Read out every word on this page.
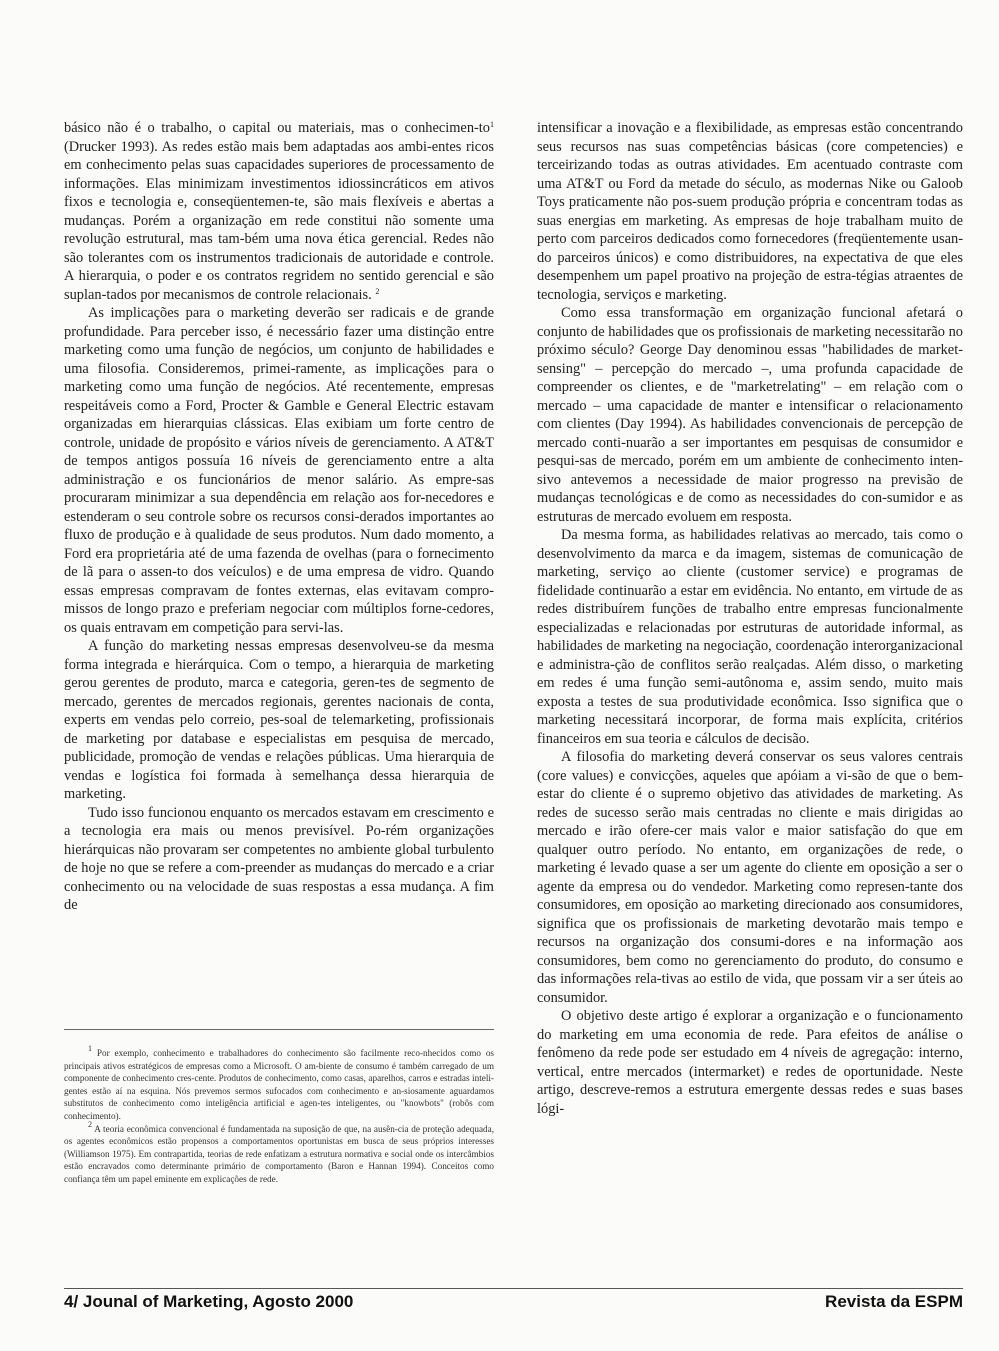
básico não é o trabalho, o capital ou materiais, mas o conhecimen-$to^1$ (Drucker 1993). As redes estão mais bem adaptadas aos ambi-entes ricos em conhecimento pelas suas capacidades superiores de processamento de informações. Elas minimizam investimentos idiossincráticos em ativos fixos e tecnologia e, conseqüentemen-te, são mais flexíveis e abertas a mudanças. Porém a organização em rede constitui não somente uma revolução estrutural, mas tam-bém uma nova ética gerencial. Redes não são tolerantes com os instrumentos tradicionais de autoridade e controle. A hierarquia, o poder e os contratos regridem no sentido gerencial e são suplan-tados por mecanismos de controle relacionais. $^2$

As implicações para o marketing deverão ser radicais e de grande profundidade. Para perceber isso, é necessário fazer uma distinção entre marketing como uma função de negócios, um conjunto de habilidades e uma filosofia. Consideremos, primei-ramente, as implicações para o marketing como uma função de negócios. Até recentemente, empresas respeitáveis como a Ford, Procter & Gamble e General Electric estavam organizadas em hierarquias clássicas. Elas exibiam um forte centro de controle, unidade de propósito e vários níveis de gerenciamento. A AT&T de tempos antigos possuía 16 níveis de gerenciamento entre a alta administração e os funcionários de menor salário. As empre-sas procuraram minimizar a sua dependência em relação aos for-necedores e estenderam o seu controle sobre os recursos consi-derados importantes ao fluxo de produção e à qualidade de seus produtos. Num dado momento, a Ford era proprietária até de uma fazenda de ovelhas (para o fornecimento de lã para o assen-to dos veículos) e de uma empresa de vidro. Quando essas empresas compravam de fontes externas, elas evitavam compro-missos de longo prazo e preferiam negociar com múltiplos forne-cedores, os quais entravam em competição para servi-las.

A função do marketing nessas empresas desenvolveu-se da mesma forma integrada e hierárquica. Com o tempo, a hierarquia de marketing gerou gerentes de produto, marca e categoria, geren-tes de segmento de mercado, gerentes de mercados regionais, gerentes nacionais de conta, experts em vendas pelo correio, pes-soal de telemarketing, profissionais de marketing por database e especialistas em pesquisa de mercado, publicidade, promoção de vendas e relações públicas. Uma hierarquia de vendas e logística foi formada à semelhança dessa hierarquia de marketing.

Tudo isso funcionou enquanto os mercados estavam em crescimento e a tecnologia era mais ou menos previsível. Po-rém organizações hierárquicas não provaram ser competentes no ambiente global turbulento de hoje no que se refere a com-preender as mudanças do mercado e a criar conhecimento ou na velocidade de suas respostas a essa mudança. A fim de

$^1$ Por exemplo, conhecimento e trabalhadores do conhecimento são facilmente reco-nhecidos como os principais ativos estratégicos de empresas como a Microsoft. O am-biente de consumo é também carregado de um componente de conhecimento cres-cente. Produtos de conhecimento, como casas, aparelhos, carros e estradas inteli-gentes estão aí na esquina. Nós prevemos sermos sufocados com conhecimento e an-siosamente aguardamos substitutos de conhecimento como inteligência artificial e agen-tes inteligentes, ou "knowbots" (robôs com conhecimento).

$^2$ A teoria econômica convencional é fundamentada na suposição de que, na ausên-cia de proteção adequada, os agentes econômicos estão propensos a comportamentos oportunistas em busca de seus próprios interesses (Williamson 1975). Em contrapartida, teorias de rede enfatizam a estrutura normativa e social onde os intercâmbios estão encravados como determinante primário de comportamento (Baron e Hannan 1994). Conceitos como confiança têm um papel eminente em explicações de rede.

intensificar a inovação e a flexibilidade, as empresas estão concentrando seus recursos nas suas competências básicas (core competencies) e terceirizando todas as outras atividades. Em acentuado contraste com uma AT&T ou Ford da metade do século, as modernas Nike ou Galoob Toys praticamente não pos-suem produção própria e concentram todas as suas energias em marketing. As empresas de hoje trabalham muito de perto com parceiros dedicados como fornecedores (freqüentemente usan-do parceiros únicos) e como distribuidores, na expectativa de que eles desempenhem um papel proativo na projeção de estra-tégias atraentes de tecnologia, serviços e marketing.

Como essa transformação em organização funcional afetará o conjunto de habilidades que os profissionais de marketing necessitarão no próximo século? George Day denominou essas "habilidades de market-sensing" – percepção do mercado –, uma profunda capacidade de compreender os clientes, e de "marketrelating" – em relação com o mercado – uma capacidade de manter e intensificar o relacionamento com clientes (Day 1994). As habilidades convencionais de percepção de mercado conti-nuarão a ser importantes em pesquisas de consumidor e pesqui-sas de mercado, porém em um ambiente de conhecimento inten-sivo antevemos a necessidade de maior progresso na previsão de mudanças tecnológicas e de como as necessidades do con-sumidor e as estruturas de mercado evoluem em resposta.

Da mesma forma, as habilidades relativas ao mercado, tais como o desenvolvimento da marca e da imagem, sistemas de comunicação de marketing, serviço ao cliente (customer service) e programas de fidelidade continuarão a estar em evidência. No entanto, em virtude de as redes distribuírem funções de trabalho entre empresas funcionalmente especializadas e relacionadas por estruturas de autoridade informal, as habilidades de marketing na negociação, coordenação interorganizacional e administra-ção de conflitos serão realçadas. Além disso, o marketing em redes é uma função semi-autônoma e, assim sendo, muito mais exposta a testes de sua produtividade econômica. Isso significa que o marketing necessitará incorporar, de forma mais explícita, critérios financeiros em sua teoria e cálculos de decisão.

A filosofia do marketing deverá conservar os seus valores centrais (core values) e convicções, aqueles que apóiam a vi-são de que o bem-estar do cliente é o supremo objetivo das atividades de marketing. As redes de sucesso serão mais centradas no cliente e mais dirigidas ao mercado e irão ofere-cer mais valor e maior satisfação do que em qualquer outro período. No entanto, em organizações de rede, o marketing é levado quase a ser um agente do cliente em oposição a ser o agente da empresa ou do vendedor. Marketing como represen-tante dos consumidores, em oposição ao marketing direcionado aos consumidores, significa que os profissionais de marketing devotarão mais tempo e recursos na organização dos consumi-dores e na informação aos consumidores, bem como no gerenciamento do produto, do consumo e das informações rela-tivas ao estilo de vida, que possam vir a ser úteis ao consumidor.

O objetivo deste artigo é explorar a organização e o funcionamento do marketing em uma economia de rede. Para efeitos de análise o fenômeno da rede pode ser estudado em 4 níveis de agregação: interno, vertical, entre mercados (intermarket) e redes de oportunidade. Neste artigo, descreve-remos a estrutura emergente dessas redes e suas bases lógi-

4/ Jounal of Marketing, Agosto 2000	Revista da ESPM
